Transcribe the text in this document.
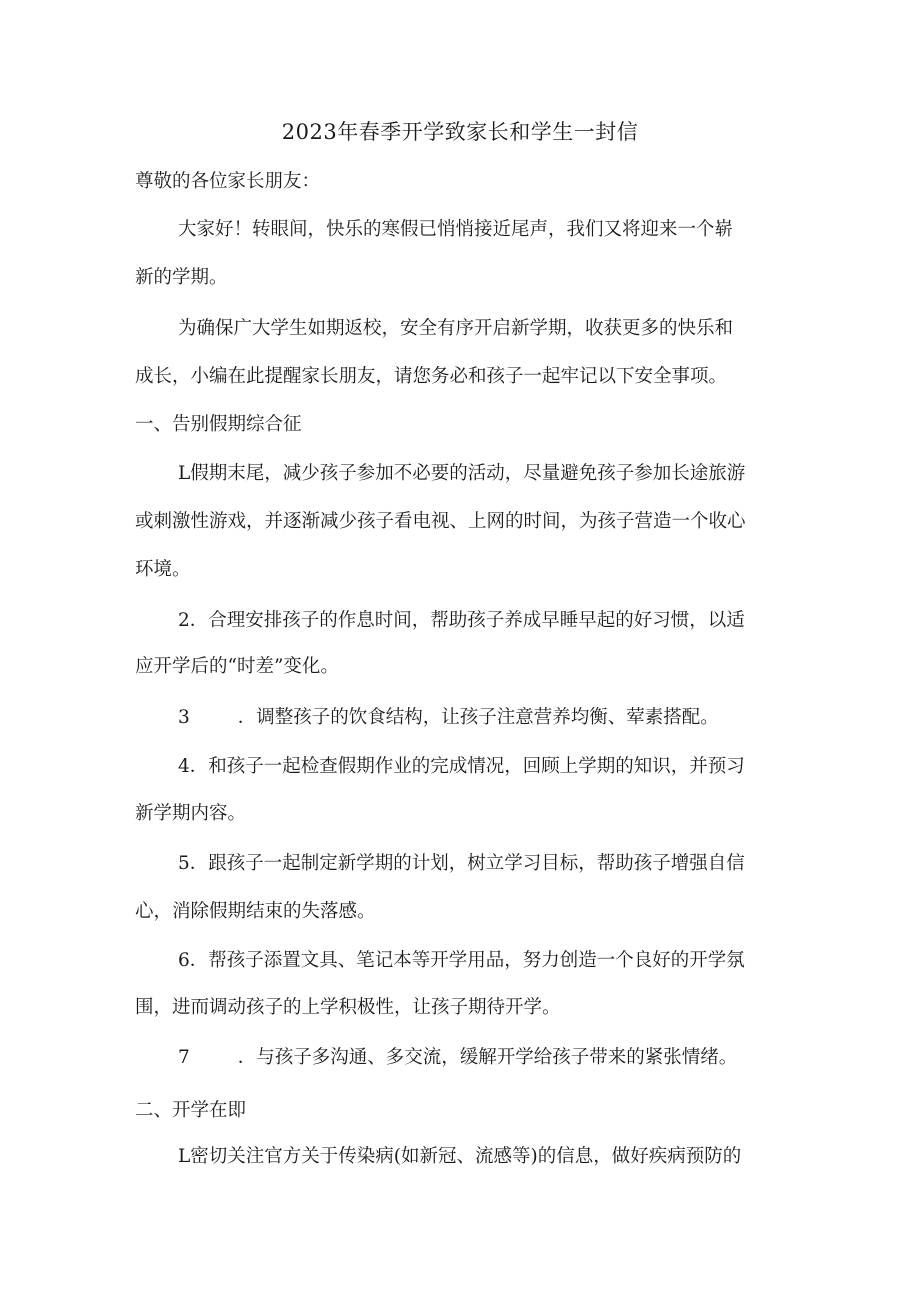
2023年春季开学致家长和学生一封信
尊敬的各位家长朋友：
大家好！转眼间，快乐的寒假已悄悄接近尾声，我们又将迎来一个崭
新的学期。
为确保广大学生如期返校，安全有序开启新学期，收获更多的快乐和
成长，小编在此提醒家长朋友，请您务必和孩子一起牢记以下安全事项。
一、告别假期综合征
L假期末尾，减少孩子参加不必要的活动，尽量避免孩子参加长途旅游
或刺激性游戏，并逐渐减少孩子看电视、上网的时间，为孩子营造一个收心
环境。
2．合理安排孩子的作息时间，帮助孩子养成早睡早起的好习惯，以适
应开学后的“时差”变化。
3	．调整孩子的饮食结构，让孩子注意营养均衡、荤素搭配。
4．和孩子一起检查假期作业的完成情况，回顾上学期的知识，并预习
新学期内容。
5．跟孩子一起制定新学期的计划，树立学习目标，帮助孩子增强自信
心，消除假期结束的失落感。
6．帮孩子添置文具、笔记本等开学用品，努力创造一个良好的开学氛
围，进而调动孩子的上学积极性，让孩子期待开学。
7	．与孩子多沟通、多交流，缓解开学给孩子带来的紧张情绪。
二、开学在即
L密切关注官方关于传染病(如新冠、流感等)的信息，做好疾病预防的
